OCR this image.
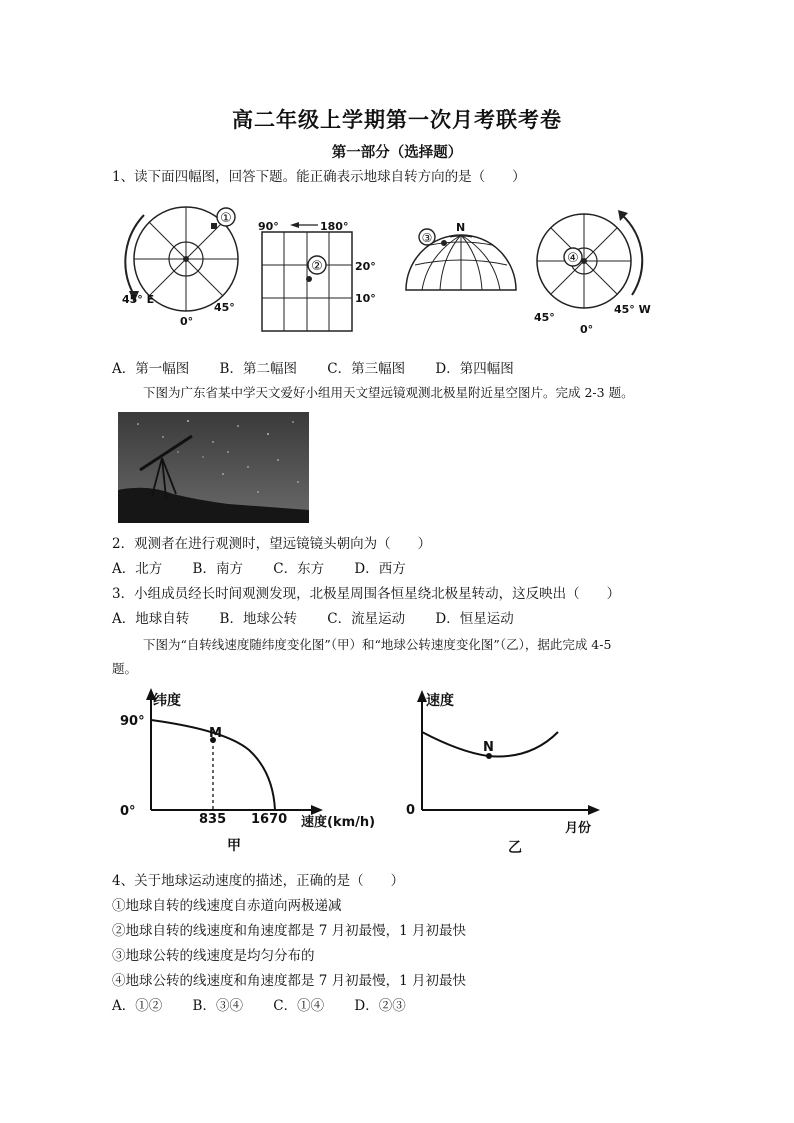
高二年级上学期第一次月考联考卷
第一部分（选择题）
1、读下面四幅图，回答下题。能正确表示地球自转方向的是（　　）
①
45° E
0°
45°
90°	180°
20°
10°
②
③
N
④
45°
0°
45° W
A．第一幅图 B．第二幅图 C．第三幅图 D．第四幅图
下图为广东省某中学天文爱好小组用天文望远镜观测北极星附近星空图片。完成 2-3 题。
2．观测者在进行观测时，望远镜镜头朝向为（　　）
A．北方 B．南方 C．东方 D．西方
3．小组成员经长时间观测发现，北极星周围各恒星绕北极星转动，这反映出（　　）
A．地球自转 B．地球公转 C．流星运动 D．恒星运动
下图为“自转线速度随纬度变化图”（甲）和“地球公转速度变化图”（乙），据此完成 4-5
题。
纬度
90°
0°
M
835 1670 速度(km/h)
甲
速度
0
N
月份
乙
4、关于地球运动速度的描述，正确的是（　　）
①地球自转的线速度自赤道向两极递减
②地球自转的线速度和角速度都是 7 月初最慢，1 月初最快
③地球公转的线速度是均匀分布的
④地球公转的线速度和角速度都是 7 月初最慢，1 月初最快
A．①② B．③④ C．①④ D．②③
